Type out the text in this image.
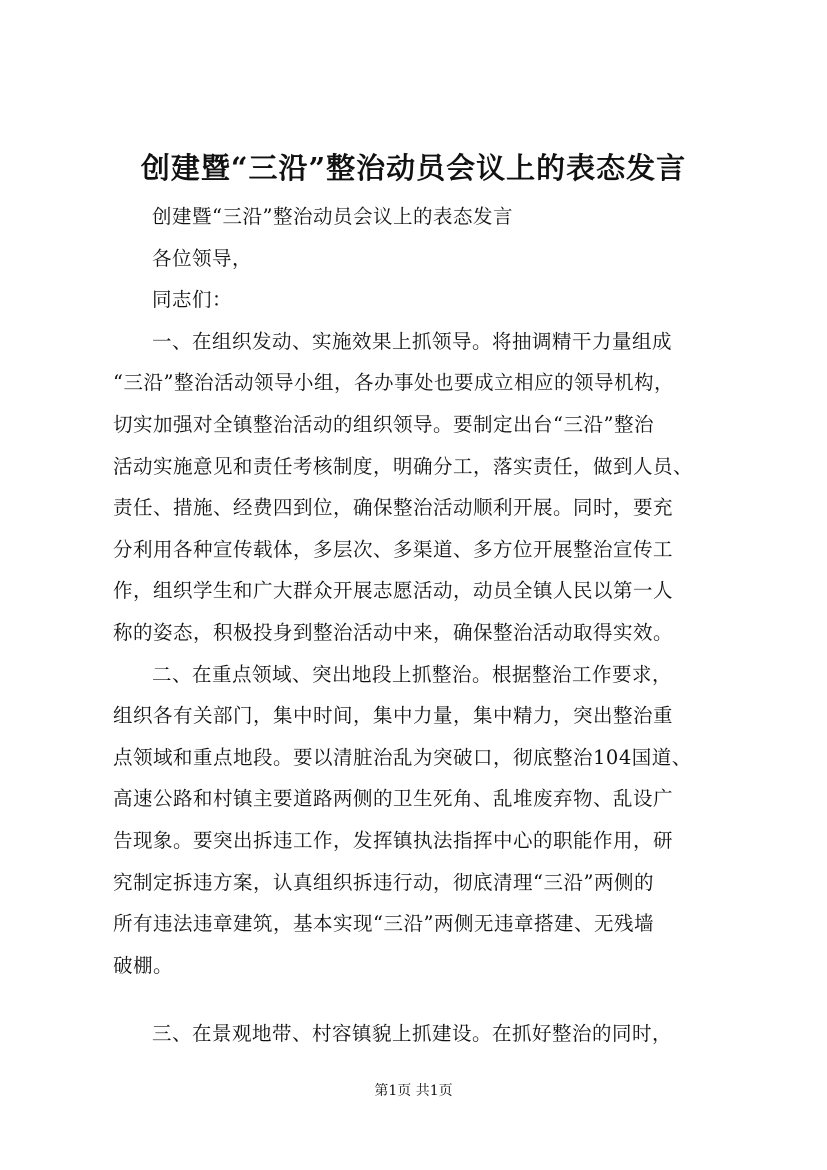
创建暨“三沿”整治动员会议上的表态发言
创建暨“三沿”整治动员会议上的表态发言
各位领导，
同志们：
一、在组织发动、实施效果上抓领导。将抽调精干力量组成
“三沿”整治活动领导小组，各办事处也要成立相应的领导机构，
切实加强对全镇整治活动的组织领导。要制定出台“三沿”整治
活动实施意见和责任考核制度，明确分工，落实责任，做到人员、
责任、措施、经费四到位，确保整治活动顺利开展。同时，要充
分利用各种宣传载体，多层次、多渠道、多方位开展整治宣传工
作，组织学生和广大群众开展志愿活动，动员全镇人民以第一人
称的姿态，积极投身到整治活动中来，确保整治活动取得实效。
二、在重点领域、突出地段上抓整治。根据整治工作要求，
组织各有关部门，集中时间，集中力量，集中精力，突出整治重
点领域和重点地段。要以清脏治乱为突破口，彻底整治104国道、
高速公路和村镇主要道路两侧的卫生死角、乱堆废弃物、乱设广
告现象。要突出拆违工作，发挥镇执法指挥中心的职能作用，研
究制定拆违方案，认真组织拆违行动，彻底清理“三沿”两侧的
所有违法违章建筑，基本实现“三沿”两侧无违章搭建、无残墙
破棚。
三、在景观地带、村容镇貌上抓建设。在抓好整治的同时，
第1页 共1页
